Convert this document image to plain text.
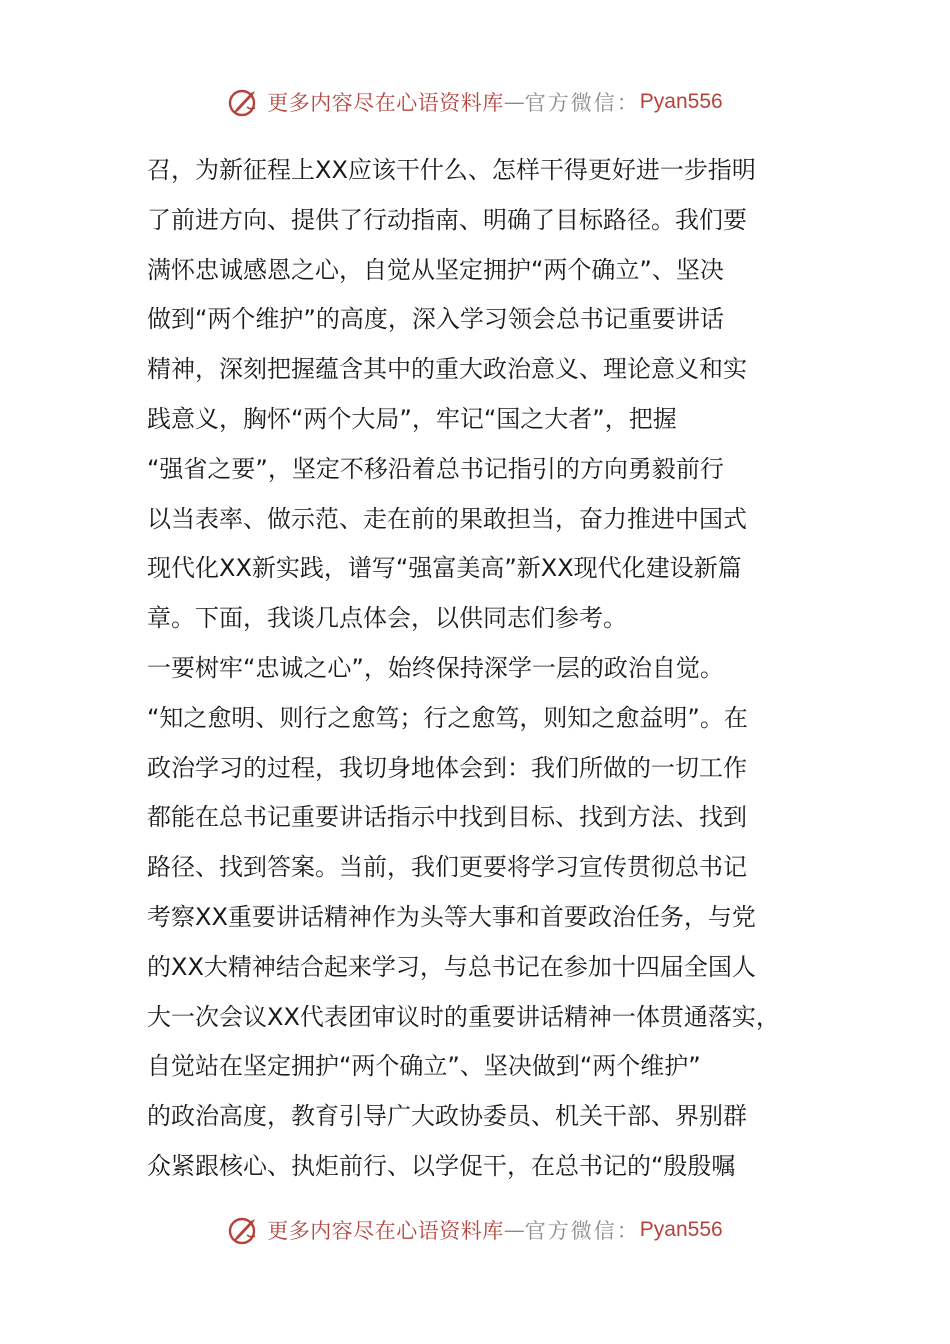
更多内容尽在心语资料库 — 官方微信： Pyan556
召，为新征程上XX应该干什么、怎样干得更好进一步指明
了前进方向、提供了行动指南、明确了目标路径。我们要
满怀忠诚感恩之心，自觉从坚定拥护“两个确立”、坚决
做到“两个维护”的高度，深入学习领会总书记重要讲话
精神，深刻把握蕴含其中的重大政治意义、理论意义和实
践意义，胸怀“两个大局”，牢记“国之大者”，把握
“强省之要”，坚定不移沿着总书记指引的方向勇毅前行
以当表率、做示范、走在前的果敢担当，奋力推进中国式
现代化XX新实践，谱写“强富美高”新XX现代化建设新篇
章。下面，我谈几点体会，以供同志们参考。
一要树牢“忠诚之心”，始终保持深学一层的政治自觉。
“知之愈明、则行之愈笃；行之愈笃，则知之愈益明”。在
政治学习的过程，我切身地体会到：我们所做的一切工作
都能在总书记重要讲话指示中找到目标、找到方法、找到
路径、找到答案。当前，我们更要将学习宣传贯彻总书记
考察XX重要讲话精神作为头等大事和首要政治任务，与党
的XX大精神结合起来学习，与总书记在参加十四届全国人
大一次会议XX代表团审议时的重要讲话精神一体贯通落实，
自觉站在坚定拥护“两个确立”、坚决做到“两个维护”
的政治高度，教育引导广大政协委员、机关干部、界别群
众紧跟核心、执炬前行、以学促干，在总书记的“殷殷嘱
更多内容尽在心语资料库 — 官方微信： Pyan556
